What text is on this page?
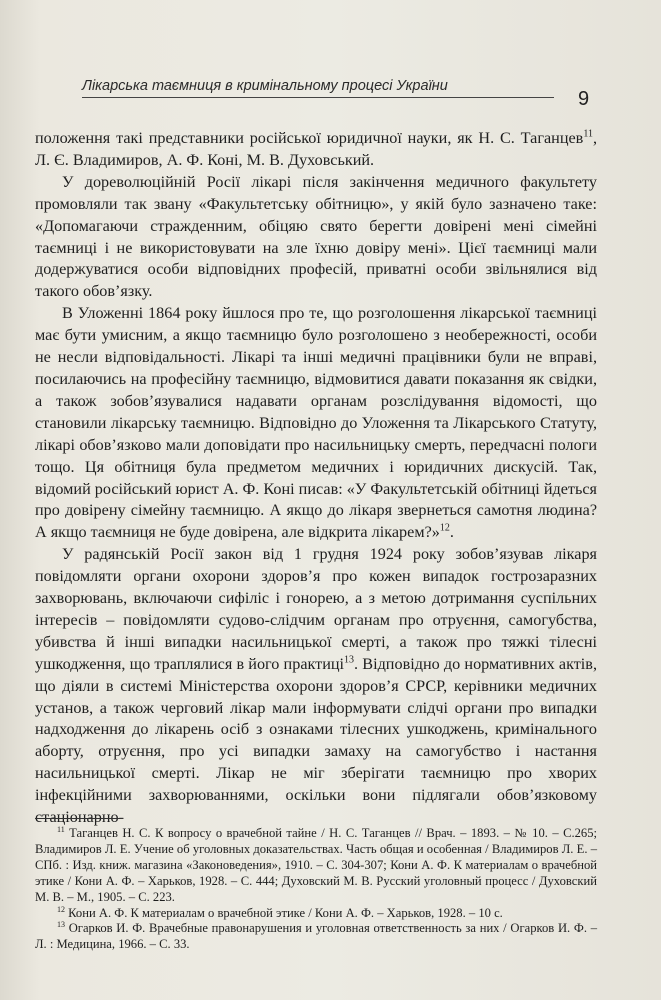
Лікарська таємниця в кримінальному процесі України
9

положення такі представники російської юридичної науки, як Н. С. Таганцев$^{11}$, Л. Є. Владимиров, А. Ф. Коні, М. В. Духовський.

У дореволюційній Росії лікарі після закінчення медичного факультету промовляли так звану «Факультетську обітницю», у якій було зазначено таке: «Допомагаючи стражденним, обіцяю свято берегти довірені мені сімейні таємниці і не використовувати на зле їхню довіру мені». Цієї таємниці мали додержуватися особи відповідних професій, приватні особи звільнялися від такого обов’язку.

В Уложенні 1864 року йшлося про те, що розголошення лікарської таємниці має бути умисним, а якщо таємницю було розголошено з необережності, особи не несли відповідальності. Лікарі та інші медичні працівники були не вправі, посилаючись на професійну таємницю, відмовитися давати показання як свідки, а також зобов’язувалися надавати органам розслідування відомості, що становили лікарську таємницю. Відповідно до Уложення та Лікарського Статуту, лікарі обов’язково мали доповідати про насильницьку смерть, передчасні пологи тощо. Ця обітниця була предметом медичних і юридичних дискусій. Так, відомий російський юрист А. Ф. Коні писав: «У Факультетській обітниці йдеться про довірену сімейну таємницю. А якщо до лікаря звернеться самотня людина? А якщо таємниця не буде довірена, але відкрита лікарем?»$^{12}$.

У радянській Росії закон від 1 грудня 1924 року зобов’язував лікаря повідомляти органи охорони здоров’я про кожен випадок гострозаразних захворювань, включаючи сифіліс і гонорею, а з метою дотримання суспільних інтересів – повідомляти судово-слідчим органам про отруєння, самогубства, убивства й інші випадки насильницької смерті, а також про тяжкі тілесні ушкодження, що траплялися в його практиці$^{13}$. Відповідно до нормативних актів, що діяли в системі Міністерства охорони здоров’я СРСР, керівники медичних установ, а також черговий лікар мали інформувати слідчі органи про випадки надходження до лікарень осіб з ознаками тілесних ушкоджень, кримінального аборту, отруєння, про усі випадки замаху на самогубство і настання насильницької смерті. Лікар не міг зберігати таємницю про хворих інфекційними захворюваннями, оскільки вони підлягали обов’язковому стаціонарно-

$^{11}$ Таганцев Н. С. К вопросу о врачебной тайне / Н. С. Таганцев // Врач. – 1893. – № 10. – С.265; Владимиров Л. Е. Учение об уголовных доказательствах. Часть общая и особенная / Владимиров Л. Е. – СПб. : Изд. книж. магазина «Законоведения», 1910. – С. 304-307; Кони А. Ф. К материалам о врачебной этике / Кони А. Ф. – Харьков, 1928. – С. 444; Духовский М. В. Русский уголовный процесс / Духовский М. В. – М., 1905. – С. 223.

$^{12}$ Кони А. Ф. К материалам о врачебной этике / Кони А. Ф. – Харьков, 1928. – 10 с.

$^{13}$ Огарков И. Ф. Врачебные правонарушения и уголовная ответственность за них / Огарков И. Ф. – Л. : Медицина, 1966. – С. 33.
